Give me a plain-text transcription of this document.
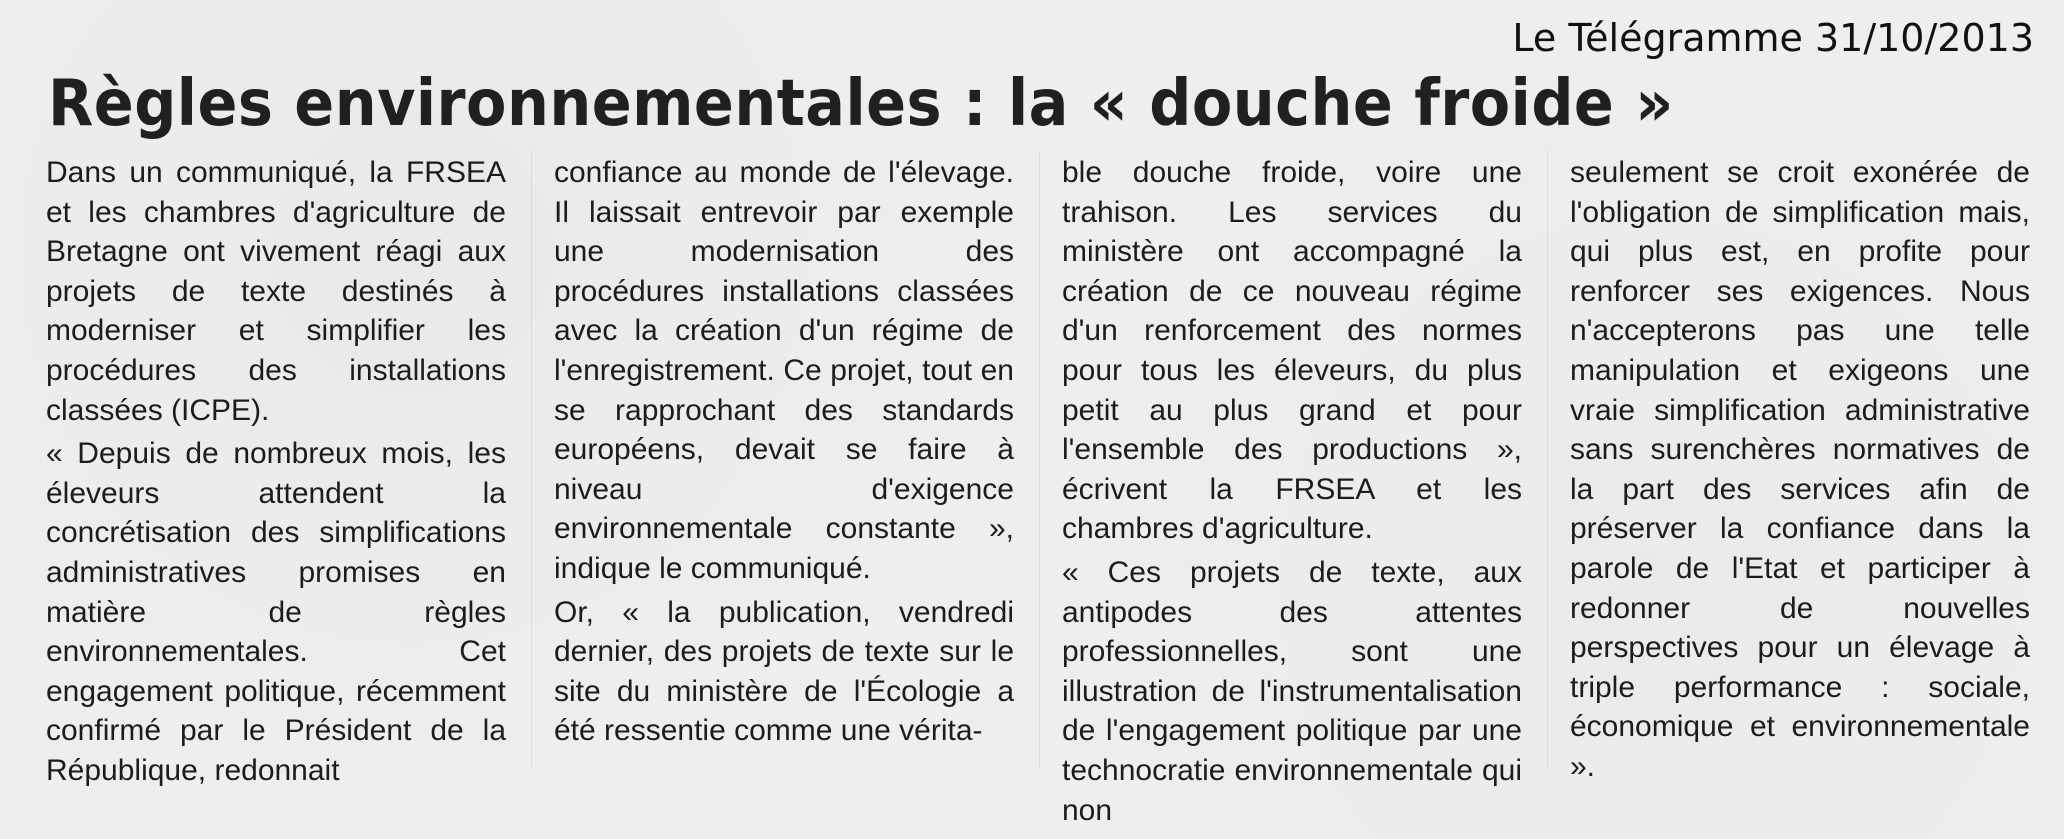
Le Télégramme 31/10/2013
Règles environnementales : la « douche froide »

Dans un communiqué, la FRSEA et les chambres d'agriculture de Bretagne ont vivement réagi aux projets de texte destinés à moderniser et simplifier les procédures des installations classées (ICPE).

« Depuis de nombreux mois, les éleveurs attendent la concrétisation des simplifications administratives promises en matière de règles environnementales. Cet engagement politique, récemment confirmé par le Président de la République, redonnait

confiance au monde de l'élevage. Il laissait entrevoir par exemple une modernisation des procédures installations classées avec la création d'un régime de l'enregistrement. Ce projet, tout en se rapprochant des standards européens, devait se faire à niveau d'exigence environnementale constante », indique le communiqué.

Or, « la publication, vendredi dernier, des projets de texte sur le site du ministère de l'Écologie a été ressentie comme une vérita-

ble douche froide, voire une trahison. Les services du ministère ont accompagné la création de ce nouveau régime d'un renforcement des normes pour tous les éleveurs, du plus petit au plus grand et pour l'ensemble des productions », écrivent la FRSEA et les chambres d'agriculture.

« Ces projets de texte, aux antipodes des attentes professionnelles, sont une illustration de l'instrumentalisation de l'engagement politique par une technocratie environnementale qui non

seulement se croit exonérée de l'obligation de simplification mais, qui plus est, en profite pour renforcer ses exigences. Nous n'accepterons pas une telle manipulation et exigeons une vraie simplification administrative sans surenchères normatives de la part des services afin de préserver la confiance dans la parole de l'Etat et participer à redonner de nouvelles perspectives pour un élevage à triple performance : sociale, économique et environnementale ».
